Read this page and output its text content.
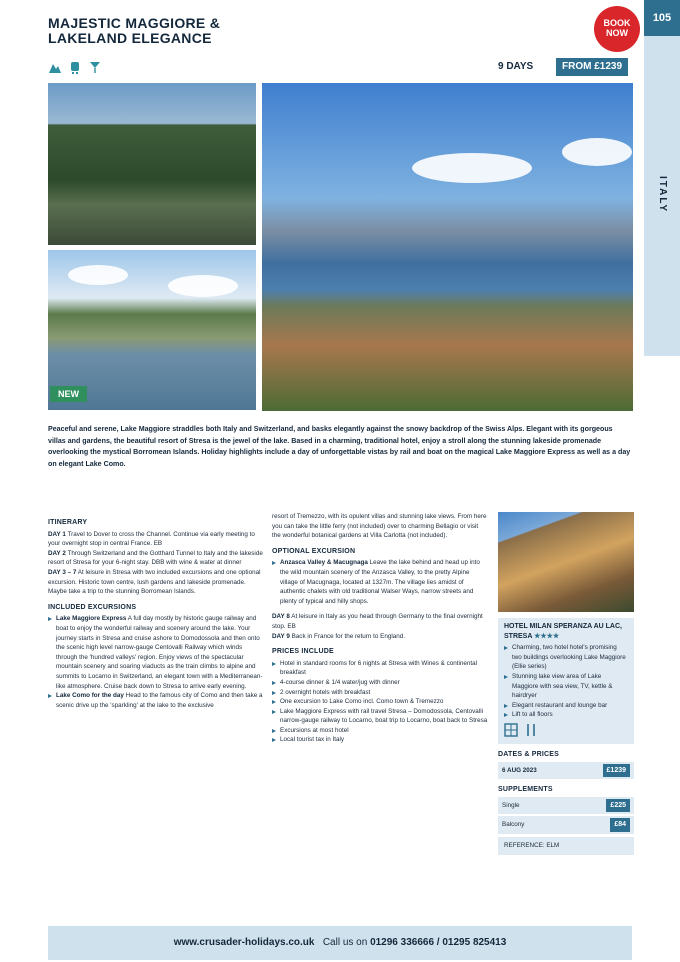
MAJESTIC MAGGIORE &
LAKELAND ELEGANCE
BOOK
NOW
105
ITALY
9 DAYS	FROM £1239
NEW
Peaceful and serene, Lake Maggiore straddles both Italy and Switzerland, and basks elegantly against the snowy backdrop of the Swiss Alps. Elegant with its gorgeous villas and gardens, the beautiful resort of Stresa is the jewel of the lake. Based in a charming, traditional hotel, enjoy a stroll along the stunning lakeside promenade overlooking the mystical Borromean Islands. Holiday highlights include a day of unforgettable vistas by rail and boat on the magical Lake Maggiore Express as well as a day on elegant Lake Como.
ITINERARY
DAY 1 Travel to Dover to cross the Channel. Continue via early meeting to your overnight stop in central France. EB
DAY 2 Through Switzerland and the Gotthard Tunnel to Italy and the lakeside resort of Stresa for your 6-night stay. DBB with wine & water at dinner
DAY 3 – 7 At leisure in Stresa with two included excursions and one optional excursion. Historic town centre, lush gardens and lakeside promenade. Maybe take a trip to the stunning Borromean Islands.
INCLUDED EXCURSIONS
Lake Maggiore Express A full day mostly by historic gauge railway and boat to enjoy the wonderful railway and scenery around the lake. Your journey starts in Stresa and cruise ashore to Domodossola and then onto the scenic high level narrow-gauge Centovalli Railway which winds through the 'hundred valleys' region. Enjoy views of the spectacular mountain scenery and soaring viaducts as the train climbs to alpine and summits to Locarno in Switzerland, an elegant town with a Mediterranean-like atmosphere. Cruise back down to Stresa to arrive early evening.
Lake Como for the day Head to the famous city of Como and then take a scenic drive up the 'sparkling' at the lake to the exclusive
resort of Tremezzo, with its opulent villas and stunning lake views. From here you can take the little ferry (not included) over to charming Bellagio or visit the wonderful botanical gardens at Villa Carlotta (not included).
OPTIONAL EXCURSION
Anzasca Valley & Macugnaga Leave the lake behind and head up into the wild mountain scenery of the Anzasca Valley, to the pretty Alpine village of Macugnaga, located at 1327m. The village lies amidst of authentic chalets with old traditional Walser Ways, narrow streets and plenty of typical and hilly shops.
DAY 8 At leisure in Italy as you head through Germany to the final overnight stop. EB
DAY 9 Back in France for the return to England.
PRICES INCLUDE
Hotel in standard rooms for 6 nights at Stresa with Wines & continental breakfast
4-course dinner & 1/4 water/jug with dinner
2 overnight hotels with breakfast
One excursion to Lake Como incl. Como town & Tremezzo
Lake Maggiore Express with rail travel Stresa – Domodossola, Centovalli narrow-gauge railway to Locarno, boat trip to Locarno, boat back to Stresa
Excursions at most hotel
Local tourist tax in Italy
HOTEL MILAN SPERANZA AU LAC, STRESA ★★★★
Charming, two hotel hotel's promising two buildings overlooking Lake Maggiore (Ellie series)
Stunning lake view area of Lake Maggiore with sea view, TV, kettle & hairdryer
Elegant restaurant and lounge bar
Lift to all floors
DATES & PRICES
6 AUG 2023	£1239
SUPPLEMENTS
Single	£225
Balcony	£84
REFERENCE: ELM
www.crusader-holidays.co.uk Call us on 01296 336666 / 01295 825413
